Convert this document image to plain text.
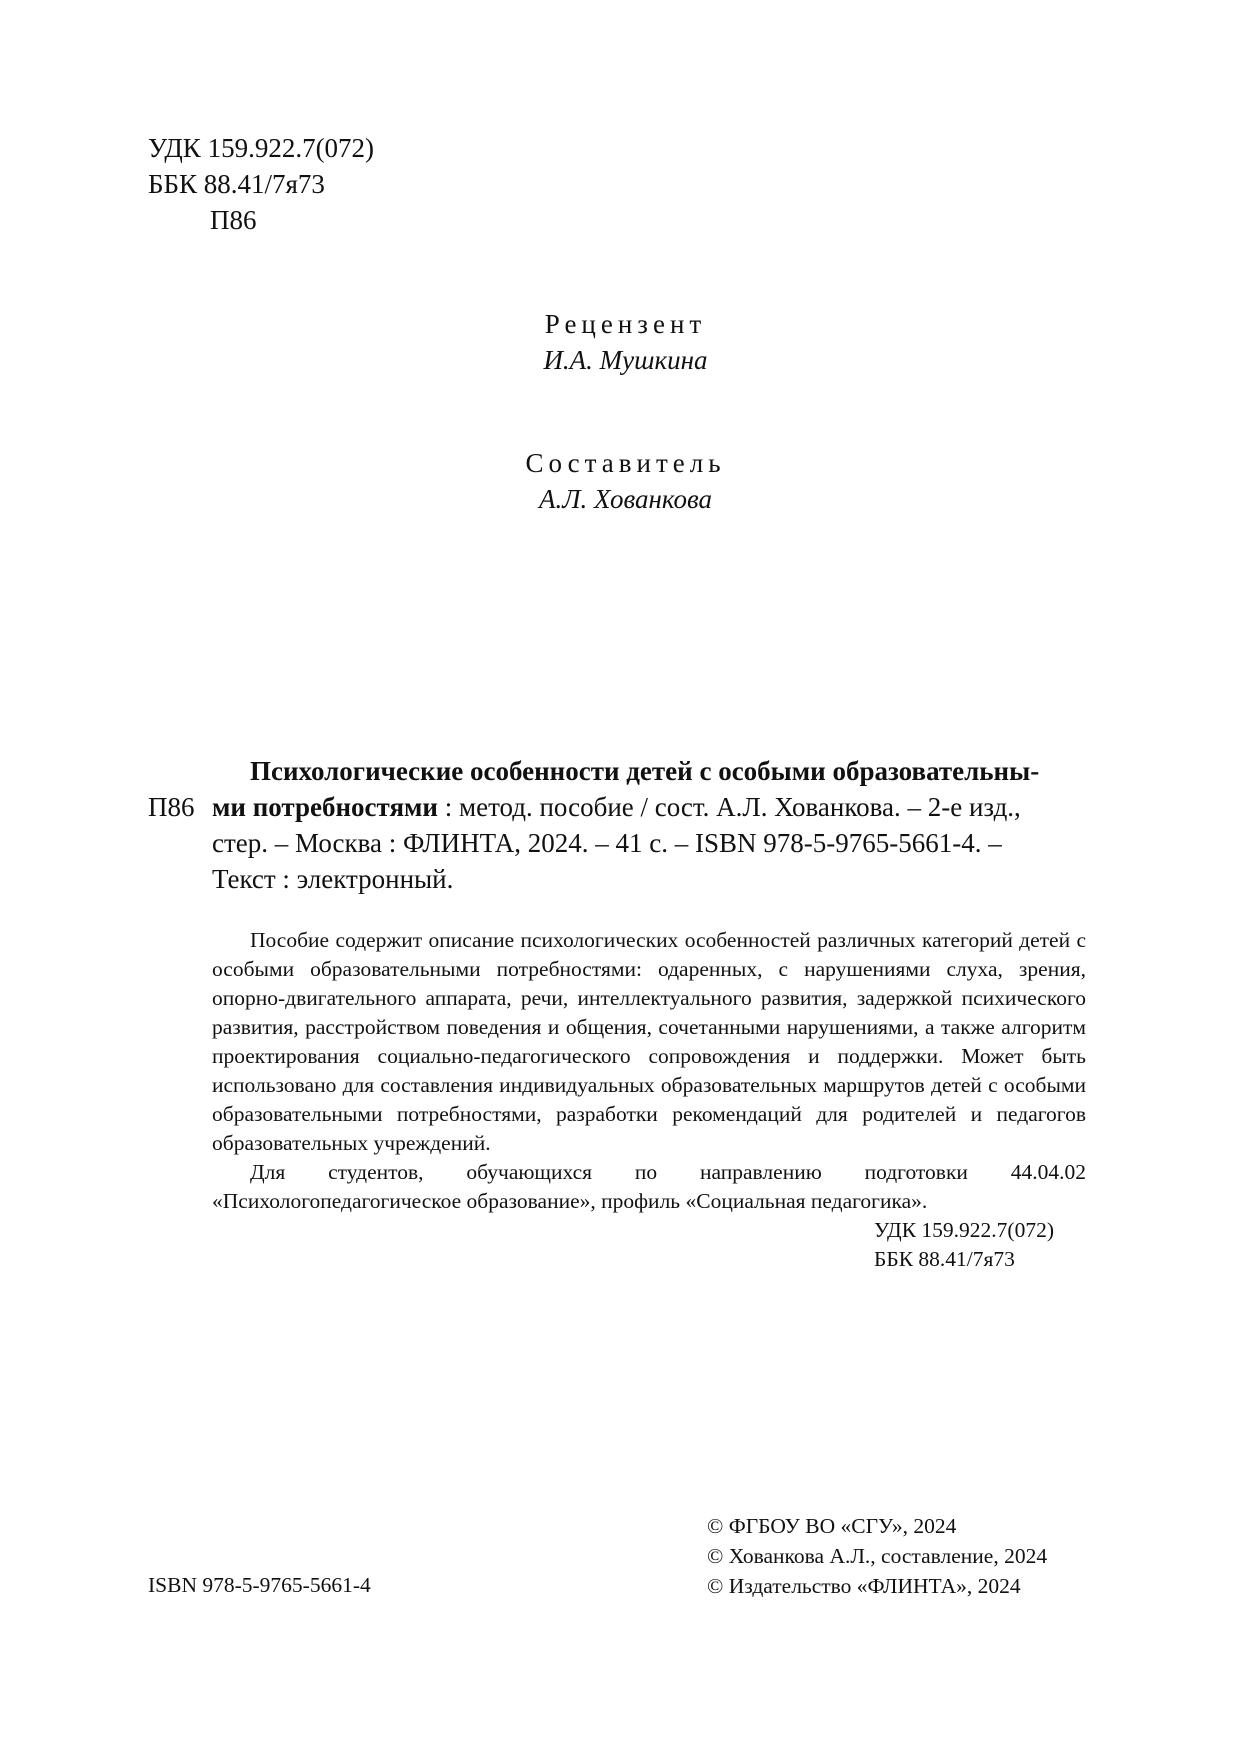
УДК 159.922.7(072)
ББК 88.41/7я73
П86
Рецензент
И.А. Мушкина
Составитель
А.Л. Хованкова
П86
Психологические особенности детей с особыми образовательны-
ми потребностями : метод. пособие / сост. А.Л. Хованкова. – 2-е изд.,
стер. – Москва : ФЛИНТА, 2024. – 41 с. – ISBN 978-5-9765-5661-4. –
Текст : электронный.

Пособие содержит описание психологических особенностей различных категорий детей с особыми образовательными потребностями: одаренных, с нарушениями слуха, зрения, опорно-двигательного аппарата, речи, интеллектуального развития, задержкой психического развития, расстройством поведения и общения, сочетанными нарушениями, а также алгоритм проектирования социально-педагогического сопровождения и поддержки. Может быть использовано для составления индивидуальных образовательных маршрутов детей с особыми образовательными потребностями, разработки рекомендаций для родителей и педагогов образовательных учреждений.

Для студентов, обучающихся по направлению подготовки 44.04.02 «Психологопедагогическое образование», профиль «Социальная педагогика».

УДК 159.922.7(072)

ББК 88.41/7я73

© ФГБОУ ВО «СГУ», 2024
© Хованкова А.Л., составление, 2024
© Издательство «ФЛИНТА», 2024
ISBN 978-5-9765-5661-4
